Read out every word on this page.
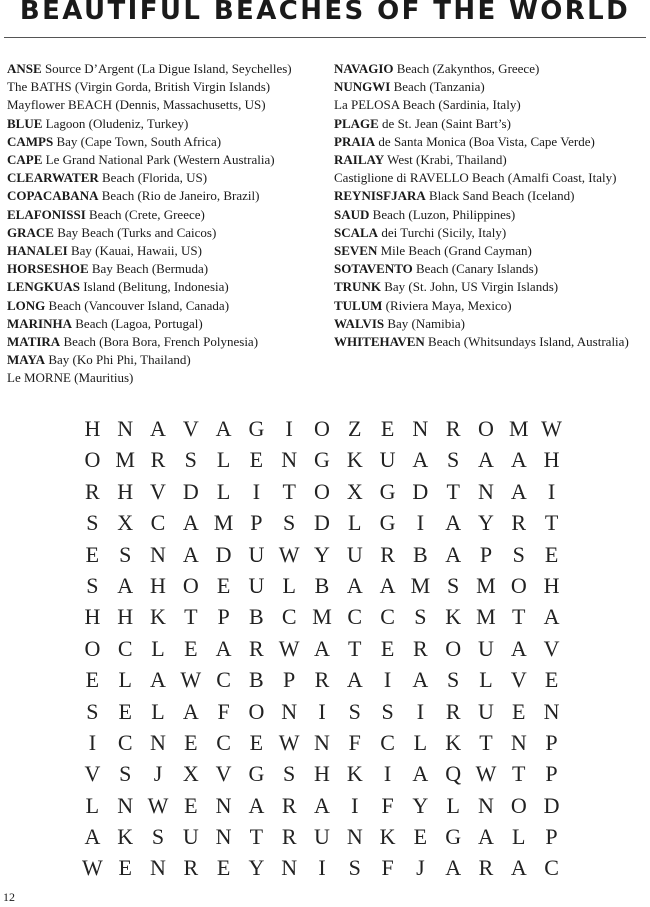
BEAUTIFUL BEACHES OF THE WORLD
ANSE Source D’Argent (La Digue Island, Seychelles)
The BATHS (Virgin Gorda, British Virgin Islands)
Mayflower BEACH (Dennis, Massachusetts, US)
BLUE Lagoon (Oludeniz, Turkey)
CAMPS Bay (Cape Town, South Africa)
CAPE Le Grand National Park (Western Australia)
CLEARWATER Beach (Florida, US)
COPACABANA Beach (Rio de Janeiro, Brazil)
ELAFONISSI Beach (Crete, Greece)
GRACE Bay Beach (Turks and Caicos)
HANALEI Bay (Kauai, Hawaii, US)
HORSESHOE Bay Beach (Bermuda)
LENGKUAS Island (Belitung, Indonesia)
LONG Beach (Vancouver Island, Canada)
MARINHA Beach (Lagoa, Portugal)
MATIRA Beach (Bora Bora, French Polynesia)
MAYA Bay (Ko Phi Phi, Thailand)
Le MORNE (Mauritius)
NAVAGIO Beach (Zakynthos, Greece)
NUNGWI Beach (Tanzania)
La PELOSA Beach (Sardinia, Italy)
PLAGE de St. Jean (Saint Bart’s)
PRAIA de Santa Monica (Boa Vista, Cape Verde)
RAILAY West (Krabi, Thailand)
Castiglione di RAVELLO Beach (Amalfi Coast, Italy)
REYNISFJARA Black Sand Beach (Iceland)
SAUD Beach (Luzon, Philippines)
SCALA dei Turchi (Sicily, Italy)
SEVEN Mile Beach (Grand Cayman)
SOTAVENTO Beach (Canary Islands)
TRUNK Bay (St. John, US Virgin Islands)
TULUM (Riviera Maya, Mexico)
WALVIS Bay (Namibia)
WHITEHAVEN Beach (Whitsundays Island, Australia)
H N A V A G I O Z E N R O M W
O M R S L E N G K U A S A A H
R H V D L	I	T O X G D T N A I
S X C A M P S D L G I A Y R T
E S N A D U W Y U R B A P S E
S A H O E U L B A A M S M O H
H H K T P B C M C C S K M T A
O C L E A R W A T E R O U A V
E L A W C B P R A I A S L V E
S E L A F O N I	S S	I R U E N
I C N E C E W N F C L K T N P
V S	J X V G S H K I A Q W T P
L N W E N A R A I	F Y L N O D
A K S U N T R U N K E G A L P
W E N R E Y N I	S F	J A R A C
12
